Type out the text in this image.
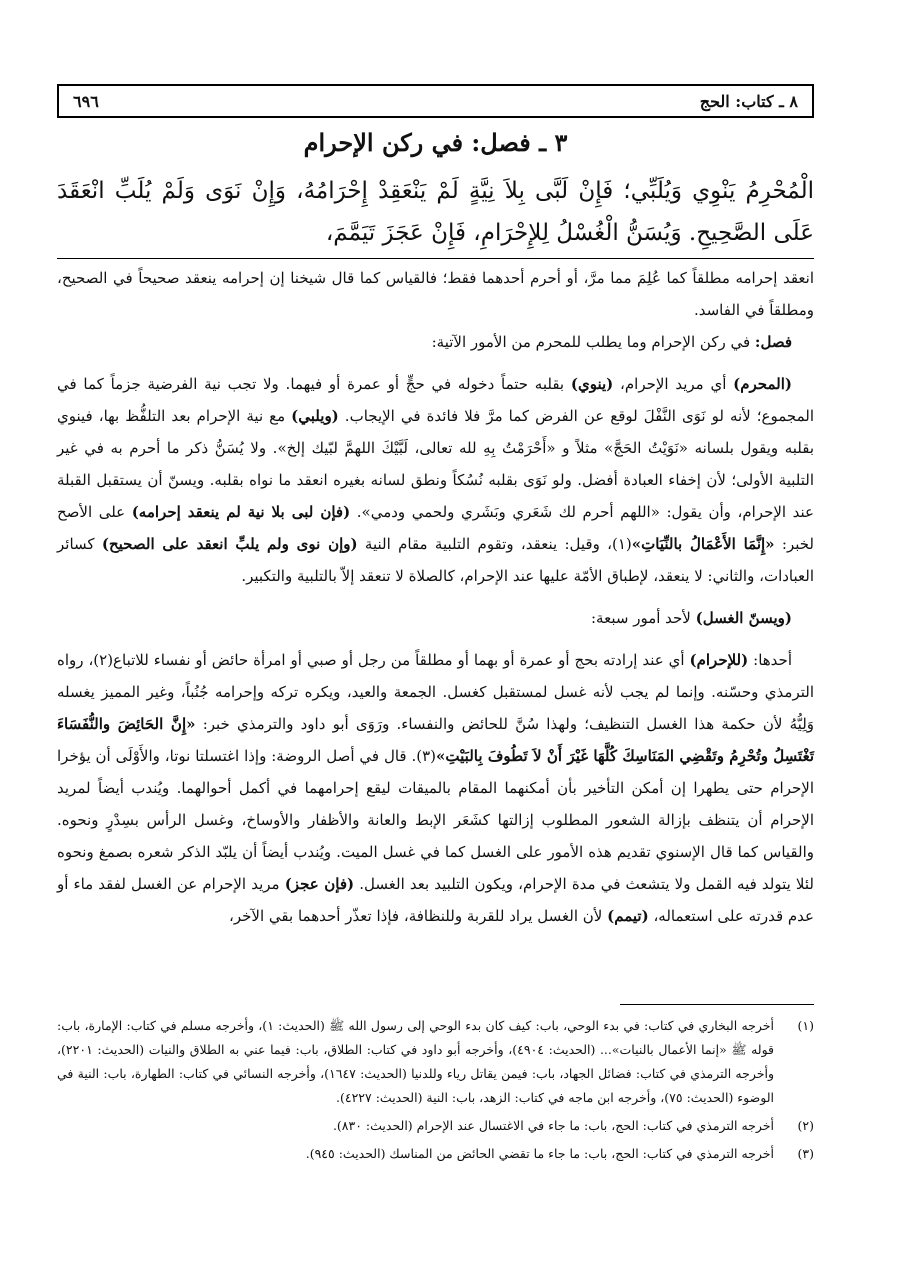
٦٩٦	٨ ـ كتاب: الحج
٣ ـ فصل: في ركن الإحرام
الْمُحْرِمُ يَنْوِي وَيُلَبِّي؛ فَإِنْ لَبَّى بِلاَ نِيَّةٍ لَمْ يَنْعَقِدْ إِحْرَامُهُ، وَإِنْ نَوَى وَلَمْ يُلَبِّ انْعَقَدَ عَلَى الصَّحِيحِ. وَيُسَنُّ الْغُسْلُ لِلإِحْرَامِ، فَإِنْ عَجَزَ تَيَمَّمَ،

انعقد إحرامه مطلقاً كما عُلِمَ مما مرَّ، أو أحرم أحدهما فقط؛ فالقياس كما قال شيخنا إن إحرامه ينعقد صحيحاً في الصحيح، ومطلقاً في الفاسد.

فصل: في ركن الإحرام وما يطلب للمحرم من الأمور الآتية:

(المحرم) أي مريد الإحرام، (ينوي) بقلبه حتماً دخوله في حجٍّ أو عمرة أو فيهما. ولا تجب نية الفرضية جزماً كما في المجموع؛ لأنه لو نَوَى النَّفْلَ لوقع عن الفرض كما مرَّ فلا فائدة في الإيجاب. (ويلبي) مع نية الإحرام بعد التلفُّظ بها، فينوي بقلبه ويقول بلسانه «نَوَيْتُ الحَجَّ» مثلاً و «أَحْرَمْتُ بِهِ لله تعالى، لَبَّيْكَ اللهمَّ لبّيك إلخ». ولا يُسَنُّ ذكر ما أحرم به في غير التلبية الأولى؛ لأن إخفاء العبادة أفضل. ولو نَوَى بقلبه نُسُكاً ونطق لسانه بغيره انعقد ما نواه بقلبه. ويسنّ أن يستقبل القبلة عند الإحرام، وأن يقول: «اللهم أحرم لك شَعَري وبَشَري ولحمي ودمي». (فإن لبى بلا نية لم ينعقد إحرامه) على الأصح لخبر: «إِنَّمَا الأَعْمَالُ بالنِّيَاتِ»(١)، وقيل: ينعقد، وتقوم التلبية مقام النية (وإن نوى ولم يلبِّ انعقد على الصحيح) كسائر العبادات، والثاني: لا ينعقد، لإطباق الأمّة عليها عند الإحرام، كالصلاة لا تنعقد إلاّ بالتلبية والتكبير.

(ويسنّ الغسل) لأحد أمور سبعة:

أحدها: (للإحرام) أي عند إرادته بحج أو عمرة أو بهما أو مطلقاً من رجل أو صبي أو امرأة حائض أو نفساء للاتباع(٢)، رواه الترمذي وحسّنه. وإنما لم يجب لأنه غسل لمستقبل كغسل. الجمعة والعيد، ويكره تركه وإحرامه جُنُباً، وغير المميز يغسله وَلِيُّهُ لأن حكمة هذا الغسل التنظيف؛ ولهذا سُنَّ للحائض والنفساء. ورَوَى أبو داود والترمذي خبر: «إِنَّ الحَائِضَ والنُّفَسَاءَ تَغْتَسِلُ وتُحْرِمُ وتَقْضِي المَنَاسِكَ كُلَّهَا غَيْرَ أَنْ لاَ تَطُوفَ بِالبَيْتِ»(٣). قال في أصل الروضة: وإذا اغتسلتا نوتا، والأَوْلَى أن يؤخرا الإحرام حتى يطهرا إن أمكن التأخير بأن أمكنهما المقام بالميقات ليقع إحرامهما في أكمل أحوالهما. ويُندب أيضاً لمريد الإحرام أن يتنظف بإزالة الشعور المطلوب إزالتها كشَعَر الإبط والعانة والأظفار والأوساخ، وغسل الرأس بسِدْرٍ ونحوه. والقياس كما قال الإسنوي تقديم هذه الأمور على الغسل كما في غسل الميت. ويُندب أيضاً أن يلبّد الذكر شعره بصمغ ونحوه لئلا يتولد فيه القمل ولا يتشعث في مدة الإحرام، ويكون التلبيد بعد الغسل. (فإن عجز) مريد الإحرام عن الغسل لفقد ماء أو عدم قدرته على استعماله، (تيمم) لأن الغسل يراد للقربة وللنظافة، فإذا تعذّر أحدهما بقي الآخر،

(١)
أخرجه البخاري في كتاب: في بدء الوحي، باب: كيف كان بدء الوحي إلى رسول الله ﷺ (الحديث: ١)، وأخرجه مسلم في كتاب: الإمارة، باب: قوله ﷺ «إنما الأعمال بالنيات»... (الحديث: ٤٩٠٤)، وأخرجه أبو داود في كتاب: الطلاق، باب: فيما عني به الطلاق والنيات (الحديث: ٢٢٠١)، وأخرجه الترمذي في كتاب: فضائل الجهاد، باب: فيمن يقاتل رياء وللدنيا (الحديث: ١٦٤٧)، وأخرجه النسائي في كتاب: الطهارة، باب: النية في الوضوء (الحديث: ٧٥)، وأخرجه ابن ماجه في كتاب: الزهد، باب: النية (الحديث: ٤٢٢٧).
(٢)
أخرجه الترمذي في كتاب: الحج، باب: ما جاء في الاغتسال عند الإحرام (الحديث: ٨٣٠).
(٣)
أخرجه الترمذي في كتاب: الحج، باب: ما جاء ما تقضي الحائض من المناسك (الحديث: ٩٤٥).
